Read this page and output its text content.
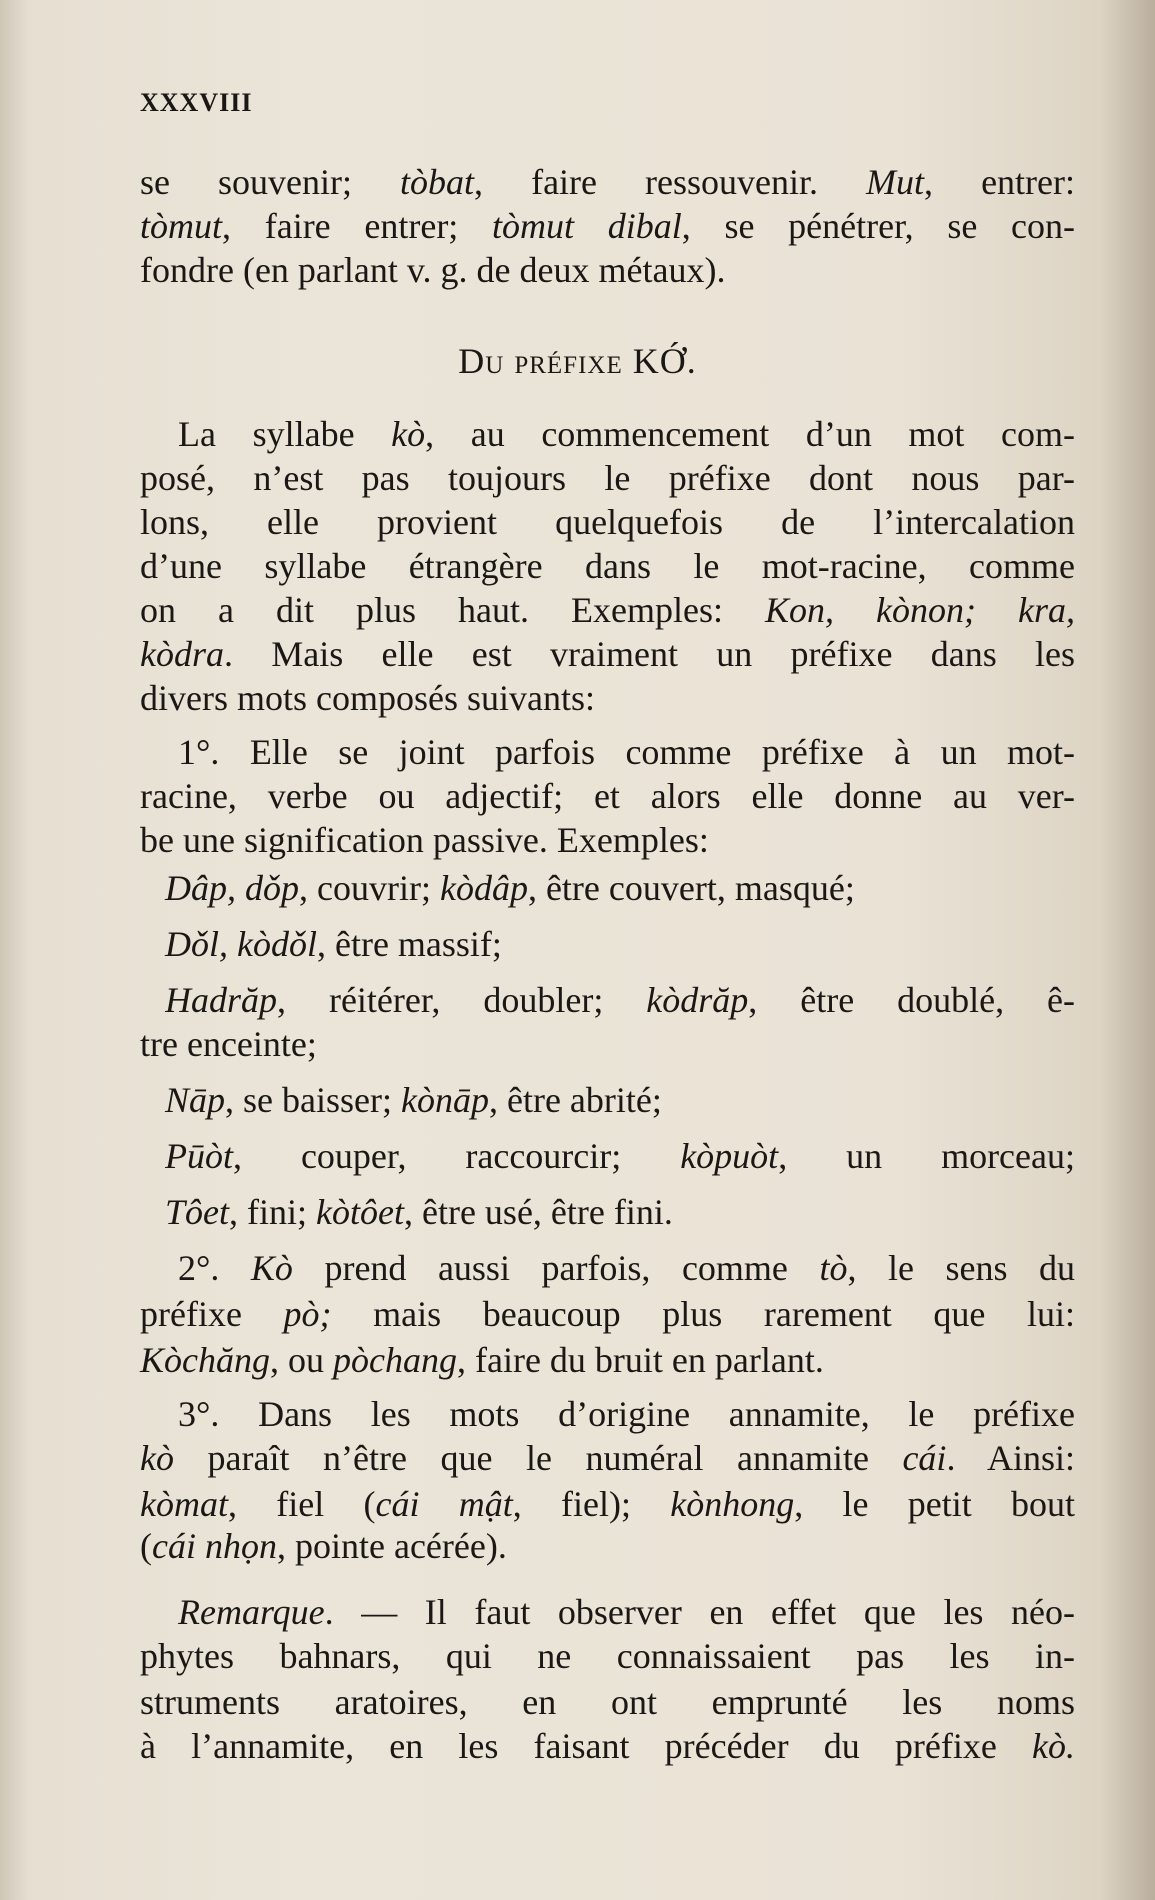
XXXVIII
Du préfixe KỚ.
se souvenir; tòbat, faire ressouvenir. Mut, entrer:
tòmut, faire entrer; tòmut dibal, se pénétrer, se con-
fondre (en parlant v. g. de deux métaux).
La syllabe kò, au commencement d’un mot com-
posé, n’est pas toujours le préfixe dont nous par-
lons, elle provient quelquefois de l’intercalation
d’une syllabe étrangère dans le mot-racine, comme
on a dit plus haut. Exemples: Kon, kònon; kra,
kòdra. Mais elle est vraiment un préfixe dans les
divers mots composés suivants:
1°. Elle se joint parfois comme préfixe à un mot-
racine, verbe ou adjectif; et alors elle donne au ver-
be une signification passive. Exemples:
Dâp, dǒp, couvrir; kòdâp, être couvert, masqué;
Dǒl, kòdǒl, être massif;
Hadrăp, réitérer, doubler; kòdrăp, être doublé, ê-
tre enceinte;
Nāp, se baisser; kònāp, être abrité;
Pūòt, couper, raccourcir; kòpuòt, un morceau;
Tôet, fini; kòtôet, être usé, être fini.
2°. Kò prend aussi parfois, comme tò, le sens du
préfixe pò; mais beaucoup plus rarement que lui:
Kòchăng, ou pòchang, faire du bruit en parlant.
3°. Dans les mots d’origine annamite, le préfixe
kò paraît n’être que le numéral annamite cái. Ainsi:
kòmat, fiel (cái mật, fiel); kònhong, le petit bout
(cái nhọn, pointe acérée).
Remarque. — Il faut observer en effet que les néo-
phytes bahnars, qui ne connaissaient pas les in-
struments aratoires, en ont emprunté les noms
à l’annamite, en les faisant précéder du préfixe kò.
